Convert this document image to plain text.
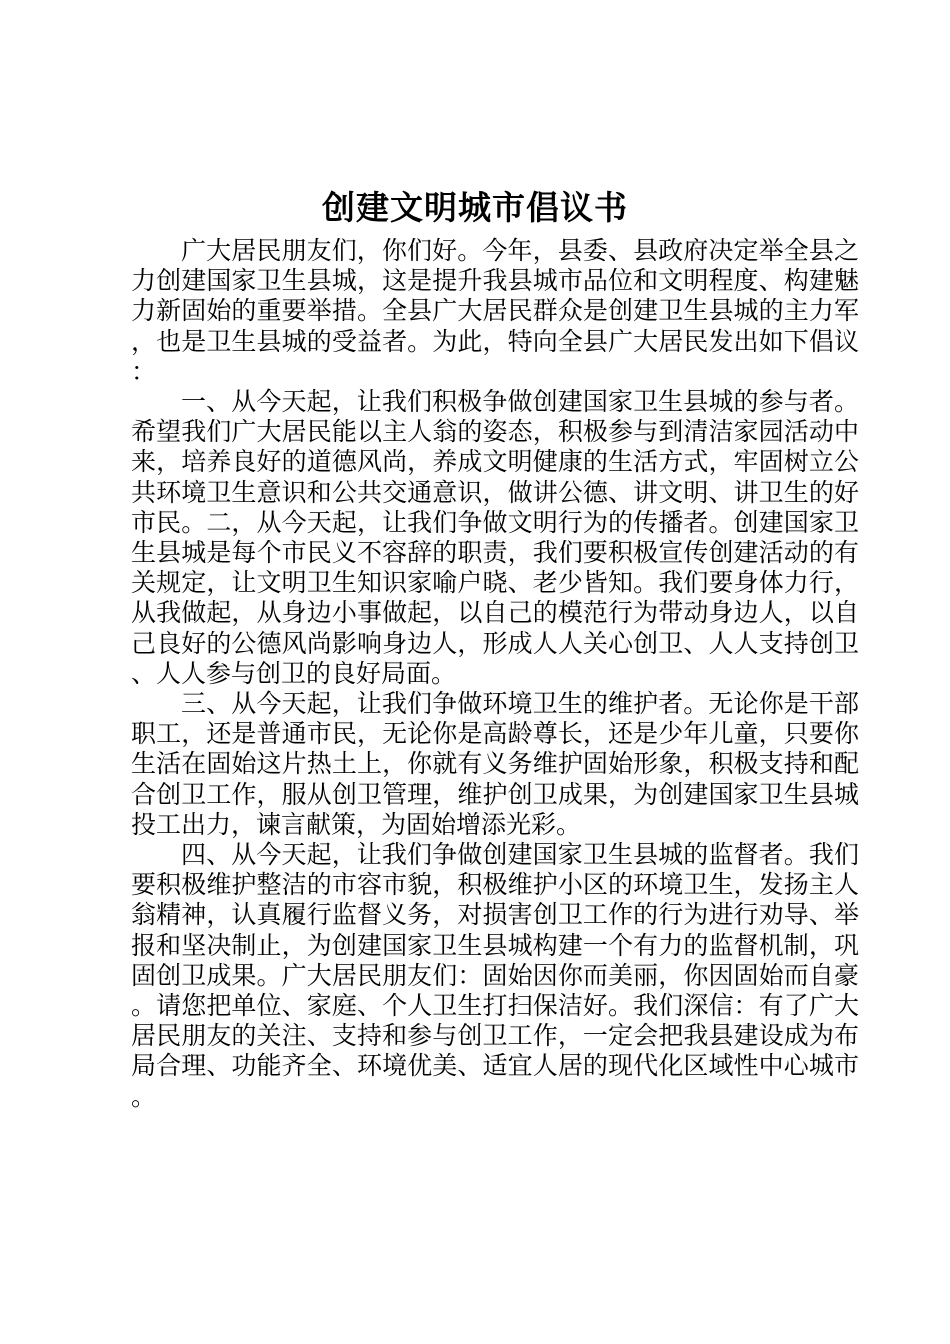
创建文明城市倡议书

广大居民朋友们，你们好。今年，县委、县政府决定举全县之力创建国家卫生县城，这是提升我县城市品位和文明程度、构建魅力新固始的重要举措。全县广大居民群众是创建卫生县城的主力军，也是卫生县城的受益者。为此，特向全县广大居民发出如下倡议：

一、从今天起，让我们积极争做创建国家卫生县城的参与者。希望我们广大居民能以主人翁的姿态，积极参与到清洁家园活动中来，培养良好的道德风尚，养成文明健康的生活方式，牢固树立公共环境卫生意识和公共交通意识，做讲公德、讲文明、讲卫生的好市民。二，从今天起，让我们争做文明行为的传播者。创建国家卫生县城是每个市民义不容辞的职责，我们要积极宣传创建活动的有关规定，让文明卫生知识家喻户晓、老少皆知。我们要身体力行，从我做起，从身边小事做起，以自己的模范行为带动身边人，以自己良好的公德风尚影响身边人，形成人人关心创卫、人人支持创卫、人人参与创卫的良好局面。

三、从今天起，让我们争做环境卫生的维护者。无论你是干部职工，还是普通市民，无论你是高龄尊长，还是少年儿童，只要你生活在固始这片热土上，你就有义务维护固始形象，积极支持和配合创卫工作，服从创卫管理，维护创卫成果，为创建国家卫生县城投工出力，谏言献策，为固始增添光彩。

四、从今天起，让我们争做创建国家卫生县城的监督者。我们要积极维护整洁的市容市貌，积极维护小区的环境卫生，发扬主人翁精神，认真履行监督义务，对损害创卫工作的行为进行劝导、举报和坚决制止，为创建国家卫生县城构建一个有力的监督机制，巩固创卫成果。广大居民朋友们：固始因你而美丽，你因固始而自豪。请您把单位、家庭、个人卫生打扫保洁好。我们深信：有了广大居民朋友的关注、支持和参与创卫工作，一定会把我县建设成为布局合理、功能齐全、环境优美、适宜人居的现代化区域性中心城市。
